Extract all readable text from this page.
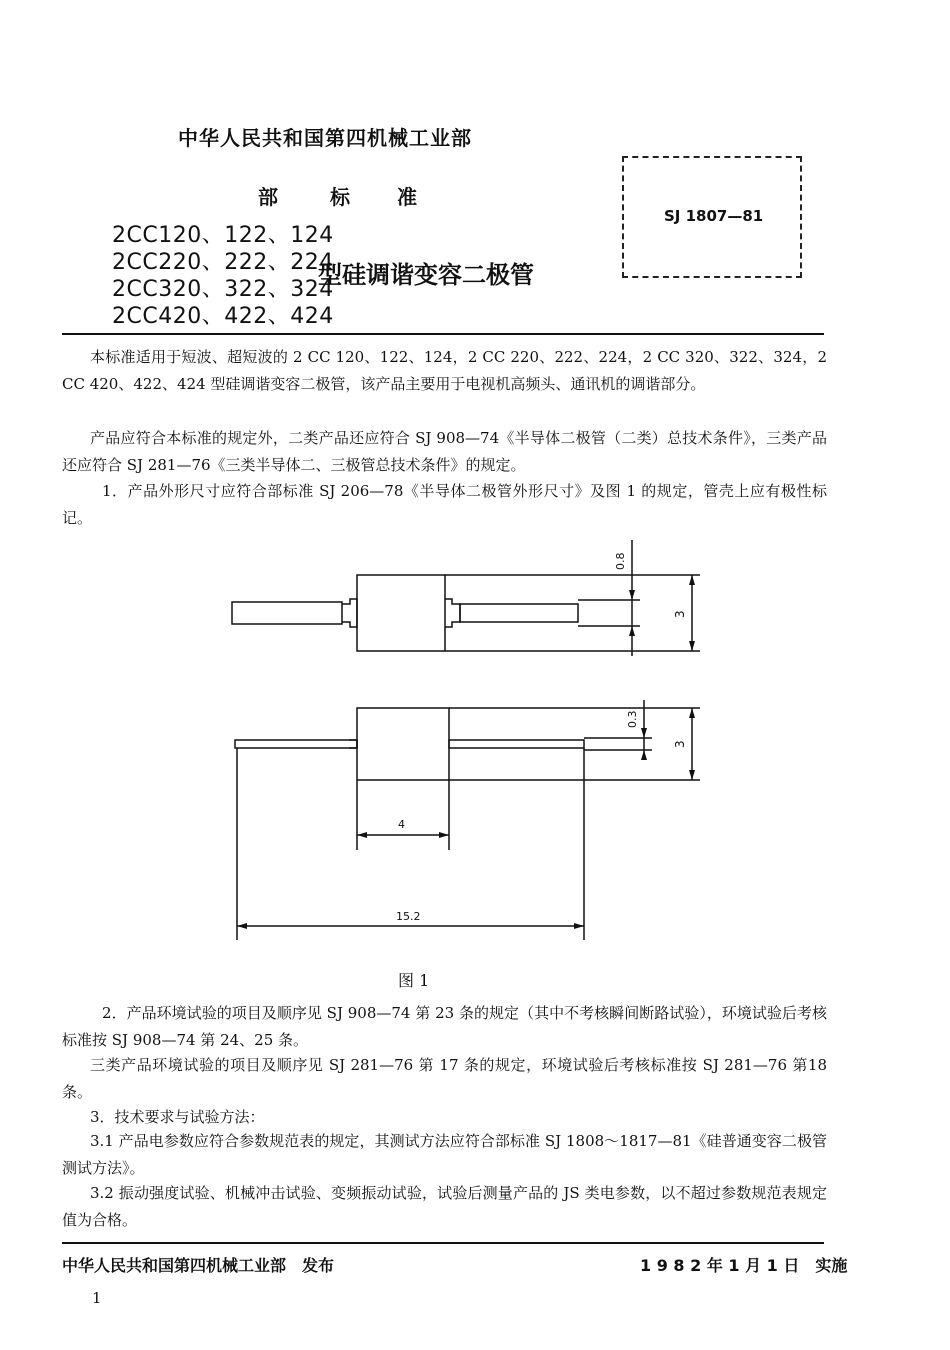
中华人民共和国第四机械工业部
部	标 准
SJ 1807—81
2CC120、122、124
2CC220、222、224
2CC320、322、324
2CC420、422、424
型硅调谐变容二极管
本标准适用于短波、超短波的 2 CC 120、122、124，2 CC 220、222、224，2 CC 320、322、324，2 CC 420、422、424 型硅调谐变容二极管，该产品主要用于电视机高频头、通讯机的调谐部分。
产品应符合本标准的规定外，二类产品还应符合 SJ 908—74《半导体二极管（二类）总技术条件》，三类产品还应符合 SJ 281—76《三类半导体二、三极管总技术条件》的规定。
1．产品外形尺寸应符合部标准 SJ 206—78《半导体二极管外形尺寸》及图 1 的规定，管壳上应有极性标记。
0.8
3
0.3
3
4
15.2
图 1
2．产品环境试验的项目及顺序见 SJ 908—74 第 23 条的规定（其中不考核瞬间断路试验），环境试验后考核标准按 SJ 908—74 第 24、25 条。
三类产品环境试验的项目及顺序见 SJ 281—76 第 17 条的规定，环境试验后考核标准按 SJ 281—76 第18 条。
3．技术要求与试验方法：
3.1 产品电参数应符合参数规范表的规定，其测试方法应符合部标准 SJ 1808～1817—81《硅普通变容二极管测试方法》。
3.2 振动强度试验、机械冲击试验、变频振动试验，试验后测量产品的 JS 类电参数，以不超过参数规范表规定值为合格。
中华人民共和国第四机械工业部　发布	1 9 8 2 年 1 月 1 日　实施
1
